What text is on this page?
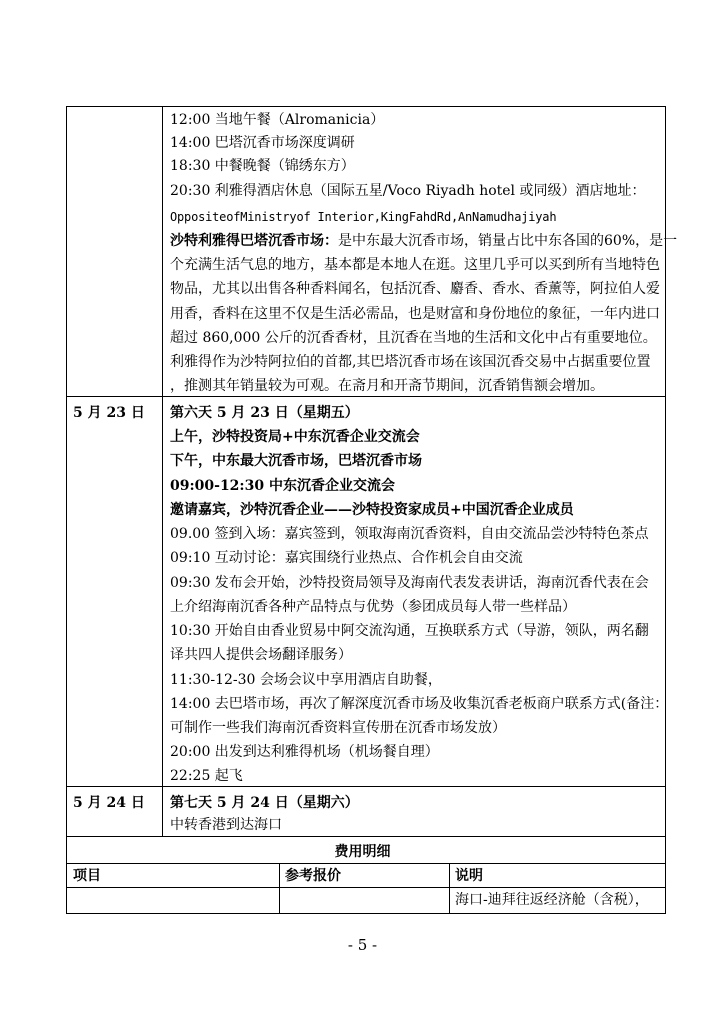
12:00 当地午餐（Alromanicia）
14:00 巴塔沉香市场深度调研
18:30 中餐晚餐（锦绣东方）
20:30 利雅得酒店休息（国际五星/Voco Riyadh hotel 或同级）酒店地址：
OppositeofMinistryof Interior,KingFahdRd,AnNamudhajiyah
沙特利雅得巴塔沉香市场：是中东最大沉香市场，销量占比中东各国的60%，是一
个充满生活气息的地方，基本都是本地人在逛。这里几乎可以买到所有当地特色
物品，尤其以出售各种香料闻名，包括沉香、麝香、香水、香薰等，阿拉伯人爱
用香，香料在这里不仅是生活必需品，也是财富和身份地位的象征，一年内进口
超过 860,000 公斤的沉香香材，且沉香在当地的生活和文化中占有重要地位。
利雅得作为沙特阿拉伯的首都,其巴塔沉香市场在该国沉香交易中占据重要位置
，推测其年销量较为可观。在斋月和开斋节期间，沉香销售额会增加。
5 月 23 日 第六天 5 月 23 日（星期五）
上午，沙特投资局+中东沉香企业交流会
下午，中东最大沉香市场，巴塔沉香市场
09:00-12:30 中东沉香企业交流会
邀请嘉宾，沙特沉香企业——沙特投资家成员+中国沉香企业成员
09.00 签到入场：嘉宾签到，领取海南沉香资料，自由交流品尝沙特特色茶点
09:10 互动讨论：嘉宾围绕行业热点、合作机会自由交流
09:30 发布会开始，沙特投资局领导及海南代表发表讲话，海南沉香代表在会
上介绍海南沉香各种产品特点与优势（参团成员每人带一些样品）
10:30 开始自由香业贸易中阿交流沟通，互换联系方式（导游，领队，两名翻
译共四人提供会场翻译服务）
11:30-12-30 会场会议中享用酒店自助餐，
14:00 去巴塔市场，再次了解深度沉香市场及收集沉香老板商户联系方式(备注：
可制作一些我们海南沉香资料宣传册在沉香市场发放）
20:00 出发到达利雅得机场（机场餐自理）
22:25 起飞
5 月 24 日 第七天 5 月 24 日（星期六）
中转香港到达海口
费用明细
项目	参考报价	说明
海口-迪拜往返经济舱（含税），
- 5 -
